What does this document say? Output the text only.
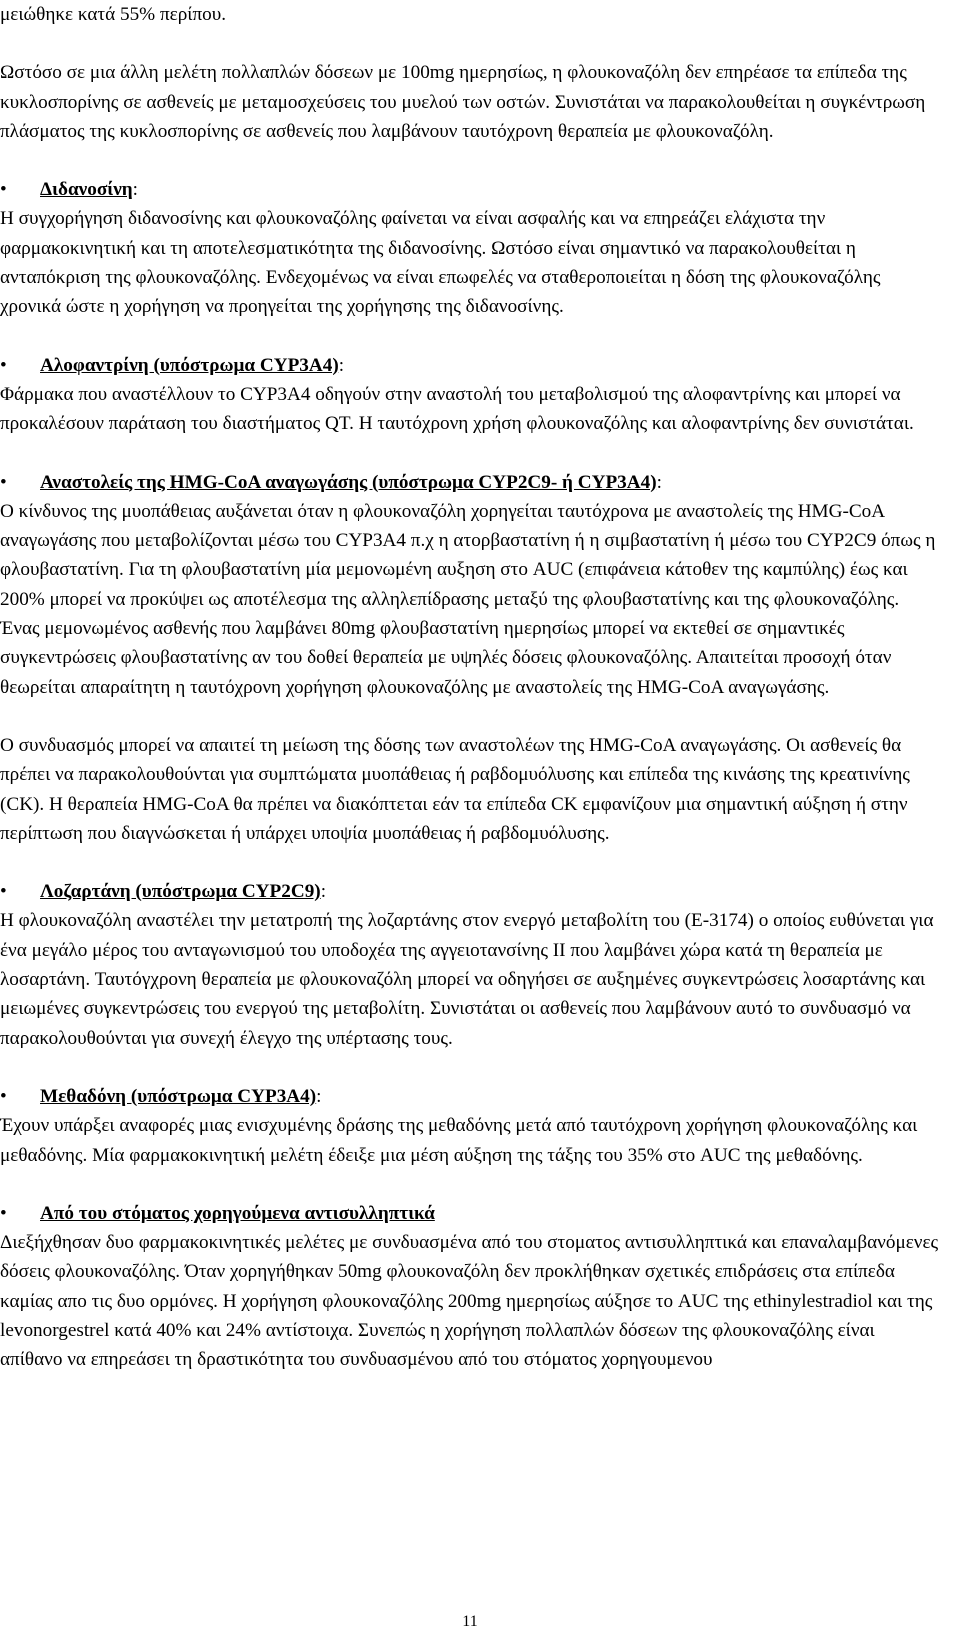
μειώθηκε κατά 55% περίπου.

Ωστόσο σε μια άλλη μελέτη πολλαπλών δόσεων με 100mg ημερησίως, η φλουκοναζόλη δεν επηρέασε τα επίπεδα της κυκλοσπορίνης σε ασθενείς με μεταμοσχεύσεις του μυελού των οστών. Συνιστάται να παρακολουθείται η συγκέντρωση πλάσματος της κυκλοσπορίνης σε ασθενείς που λαμβάνουν ταυτόχρονη θεραπεία με φλουκοναζόλη.

• Διδανοσίνη:

Η συγχορήγηση διδανοσίνης και φλουκοναζόλης φαίνεται να είναι ασφαλής και να επηρεάζει ελάχιστα την φαρμακοκινητική και τη αποτελεσματικότητα της διδανοσίνης. Ωστόσο είναι σημαντικό να παρακολουθείται η ανταπόκριση της φλουκοναζόλης. Ενδεχομένως να είναι επωφελές να σταθεροποιείται η δόση της φλουκοναζόλης χρονικά ώστε η χορήγηση να προηγείται της χορήγησης της διδανοσίνης.

• Αλοφαντρίνη (υπόστρωμα CYP3A4):

Φάρμακα που αναστέλλουν το CYP3A4 οδηγούν στην αναστολή του μεταβολισμού της αλοφαντρίνης και μπορεί να προκαλέσουν παράταση του διαστήματος QT. Η ταυτόχρονη χρήση φλουκοναζόλης και αλοφαντρίνης δεν συνιστάται.

• Αναστολείς της HMG-CoA αναγωγάσης (υπόστρωμα CYP2C9- ή CYP3A4):

Ο κίνδυνος της μυοπάθειας αυξάνεται όταν η φλουκοναζόλη χορηγείται ταυτόχρονα με αναστολείς της HMG-CoA αναγωγάσης που μεταβολίζονται μέσω του CYP3A4 π.χ η ατορβαστατίνη ή η σιμβαστατίνη ή μέσω του CYP2C9 όπως η φλουβαστατίνη. Για τη φλουβαστατίνη μία μεμονωμένη αυξηση στο AUC (επιφάνεια κάτοθεν της καμπύλης) έως και 200% μπορεί να προκύψει ως αποτέλεσμα της αλληλεπίδρασης μεταξύ της φλουβαστατίνης και της φλουκοναζόλης. Ένας μεμονωμένος ασθενής που λαμβάνει 80mg φλουβαστατίνη ημερησίως μπορεί να εκτεθεί σε σημαντικές συγκεντρώσεις φλουβαστατίνης αν του δοθεί θεραπεία με υψηλές δόσεις φλουκοναζόλης. Απαιτείται προσοχή όταν θεωρείται απαραίτητη η ταυτόχρονη χορήγηση φλουκοναζόλης με αναστολείς της HMG-CoA αναγωγάσης.

Ο συνδυασμός μπορεί να απαιτεί τη μείωση της δόσης των αναστολέων της HMG-CoA αναγωγάσης. Οι ασθενείς θα πρέπει να παρακολουθούνται για συμπτώματα μυοπάθειας ή ραβδομυόλυσης και επίπεδα της κινάσης της κρεατινίνης (CK). Η θεραπεία HMG-CoA θα πρέπει να διακόπτεται εάν τα επίπεδα CK εμφανίζουν μια σημαντική αύξηση ή στην περίπτωση που διαγνώσκεται ή υπάρχει υποψία μυοπάθειας ή ραβδομυόλυσης.

• Λοζαρτάνη (υπόστρωμα CYP2C9):

Η φλουκοναζόλη αναστέλει την μετατροπή της λοζαρτάνης στον ενεργό μεταβολίτη του (E-3174) ο οποίος ευθύνεται για ένα μεγάλο μέρος του ανταγωνισμού του υποδοχέα της αγγειοτανσίνης ΙΙ που λαμβάνει χώρα κατά τη θεραπεία με λοσαρτάνη. Ταυτόγχρονη θεραπεία με φλουκοναζόλη μπορεί να οδηγήσει σε αυξημένες συγκεντρώσεις λοσαρτάνης και μειωμένες συγκεντρώσεις του ενεργού της μεταβολίτη. Συνιστάται οι ασθενείς που λαμβάνουν αυτό το συνδυασμό να παρακολουθούνται για συνεχή έλεγχο της υπέρτασης τους.

• Μεθαδόνη (υπόστρωμα CYP3A4):

Έχουν υπάρξει αναφορές μιας ενισχυμένης δράσης της μεθαδόνης μετά από ταυτόχρονη χορήγηση φλουκοναζόλης και μεθαδόνης. Μία φαρμακοκινητική μελέτη έδειξε μια μέση αύξηση της τάξης του 35% στο AUC της μεθαδόνης.

• Από του στόματος χορηγούμενα αντισυλληπτικά

Διεξήχθησαν δυο φαρμακοκινητικές μελέτες με συνδυασμένα από του στοματος αντισυλληπτικά και επαναλαμβανόμενες δόσεις φλουκοναζόλης. Όταν χορηγήθηκαν 50mg φλουκοναζόλη δεν προκλήθηκαν σχετικές επιδράσεις στα επίπεδα καμίας απο τις δυο ορμόνες. Η χορήγηση φλουκοναζόλης 200mg ημερησίως αύξησε το AUC της ethinylestradiol και της levonorgestrel κατά 40% και 24% αντίστοιχα. Συνεπώς η χορήγηση πολλαπλών δόσεων της φλουκοναζόλης είναι απίθανο να επηρεάσει τη δραστικότητα του συνδυασμένου από του στόματος χορηγουμενου

11
